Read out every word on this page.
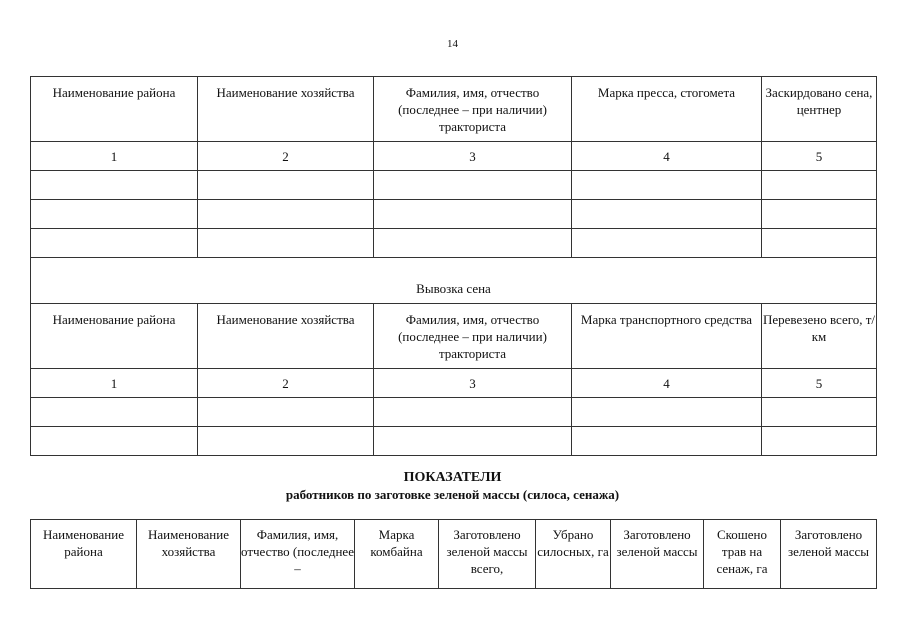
14
Наименование района	Наименование хозяйства	Фамилия, имя, отчество (последнее – при наличии) тракториста	Марка пресса, стогомета	Заскирдовано сена, центнер
1	2	3	4	5

Вывозка сена				
Наименование района	Наименование хозяйства	Фамилия, имя, отчество (последнее – при наличии) тракториста	Марка транспортного средства	Перевезено всего, т/км
1	2	3	4	5

ПОКАЗАТЕЛИ
работников по заготовке зеленой массы (силоса, сенажа)
Наименование района	Наименование хозяйства	Фамилия, имя, отчество (последнее –	Марка комбайна	Заготовлено зеленой массы всего,	Убрано силосных, га	Заготовлено зеленой массы	Скошено трав на сенаж, га	Заготовлено зеленой массы
